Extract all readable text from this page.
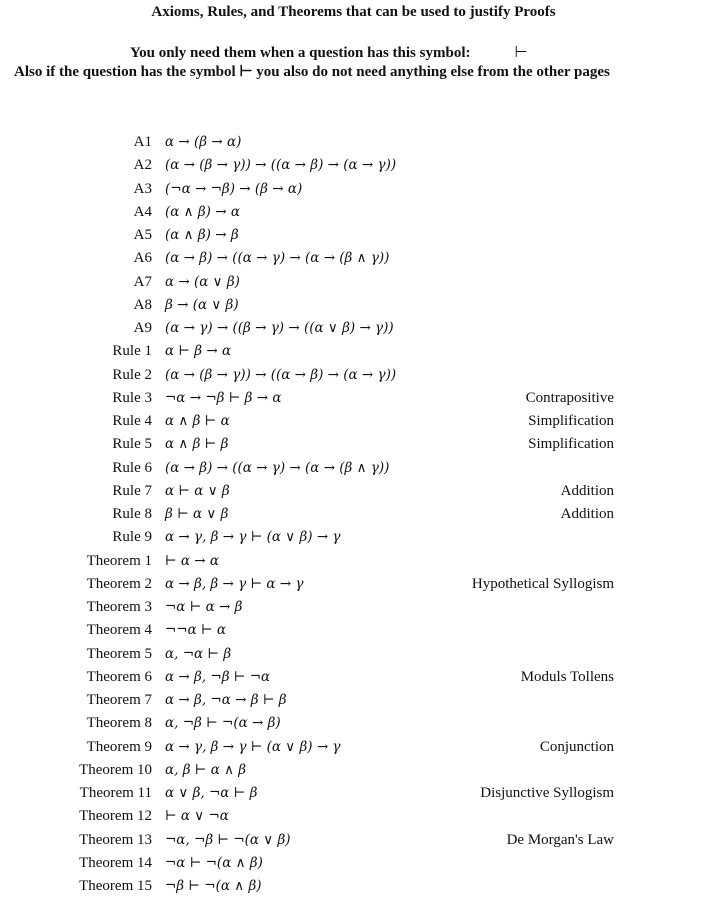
Axioms, Rules, and Theorems that can be used to justify Proofs
You only need them when a question has this symbol:	⊢
Also if the question has the symbol ⊢ you also do not need anything else from the other pages
A1 α → (β → α)
A2 (α → (β → γ)) → ((α → β) → (α → γ))
A3 (¬α → ¬β) → (β → α)
A4 (α ∧ β) → α
A5 (α ∧ β) → β
A6 (α → β) → ((α → γ) → (α → (β ∧ γ))
A7 α → (α ∨ β)
A8 β → (α ∨ β)
A9 (α → γ) → ((β → γ) → ((α ∨ β) → γ))
Rule 1 α ⊢ β → α
Rule 2 (α → (β → γ)) → ((α → β) → (α → γ))
Rule 3 ¬α → ¬β ⊢ β → α	Contrapositive
Rule 4 α ∧ β ⊢ α	Simplification
Rule 5 α ∧ β ⊢ β	Simplification
Rule 6 (α → β) → ((α → γ) → (α → (β ∧ γ))
Rule 7 α ⊢ α ∨ β	Addition
Rule 8 β ⊢ α ∨ β	Addition
Rule 9 α → γ, β → γ ⊢ (α ∨ β) → γ
Theorem 1 ⊢ α → α
Theorem 2 α → β, β → γ ⊢ α → γ	Hypothetical Syllogism
Theorem 3 ¬α ⊢ α → β
Theorem 4 ¬¬α ⊢ α
Theorem 5 α, ¬α ⊢ β
Theorem 6 α → β, ¬β ⊢ ¬α	Moduls Tollens
Theorem 7 α → β, ¬α → β ⊢ β
Theorem 8 α, ¬β ⊢ ¬(α → β)
Theorem 9 α → γ, β → γ ⊢ (α ∨ β) → γ	Conjunction
Theorem 10 α, β ⊢ α ∧ β
Theorem 11 α ∨ β, ¬α ⊢ β	Disjunctive Syllogism
Theorem 12 ⊢ α ∨ ¬α
Theorem 13 ¬α, ¬β ⊢ ¬(α ∨ β)	De Morgan's Law
Theorem 14 ¬α ⊢ ¬(α ∧ β)
Theorem 15 ¬β ⊢ ¬(α ∧ β)
